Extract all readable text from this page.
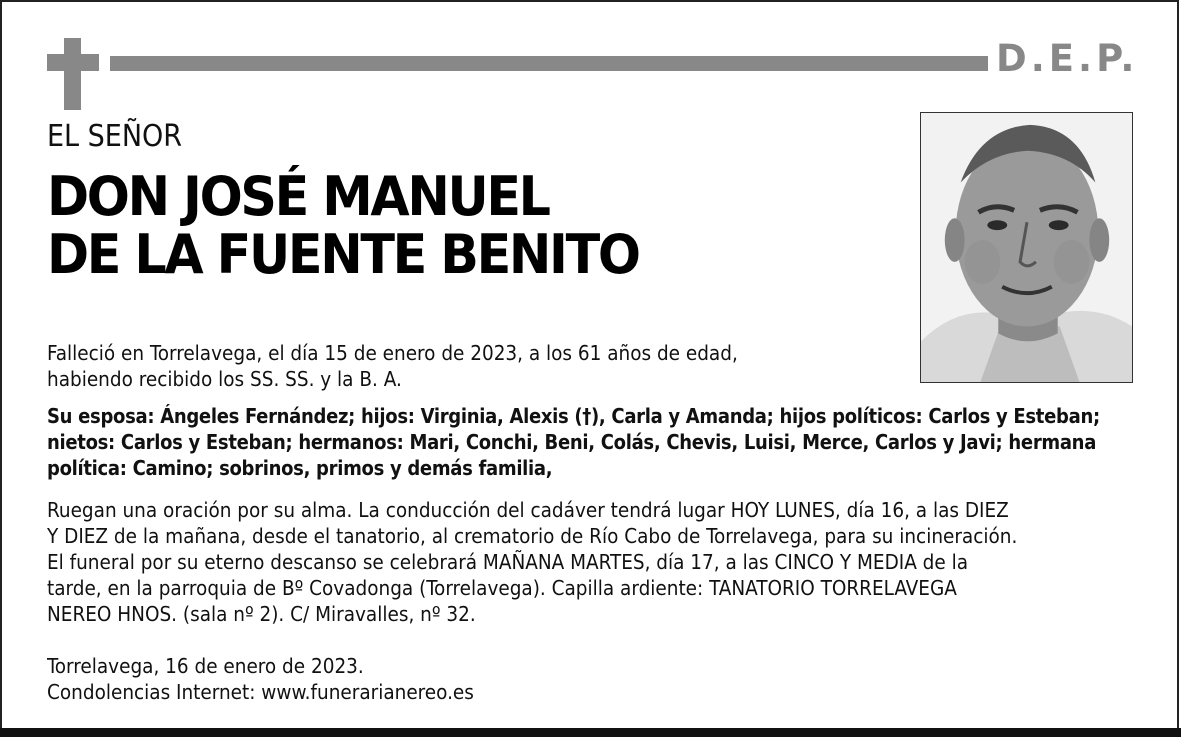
D.E.P.
EL SEÑOR
DON JOSÉ MANUEL
DE LA FUENTE BENITO
Falleció en Torrelavega, el día 15 de enero de 2023, a los 61 años de edad,
habiendo recibido los SS. SS. y la B. A.
Su esposa: Ángeles Fernández; hijos: Virginia, Alexis (†), Carla y Amanda; hijos políticos: Carlos y Esteban;
nietos: Carlos y Esteban; hermanos: Mari, Conchi, Beni, Colás, Chevis, Luisi, Merce, Carlos y Javi; hermana
política: Camino; sobrinos, primos y demás familia,
Ruegan una oración por su alma. La conducción del cadáver tendrá lugar HOY LUNES, día 16, a las DIEZ
Y DIEZ de la mañana, desde el tanatorio, al crematorio de Río Cabo de Torrelavega, para su incineración.
El funeral por su eterno descanso se celebrará MAÑANA MARTES, día 17, a las CINCO Y MEDIA de la
tarde, en la parroquia de Bº Covadonga (Torrelavega). Capilla ardiente: TANATORIO TORRELAVEGA
NEREO HNOS. (sala nº 2). C/ Miravalles, nº 32.
Torrelavega, 16 de enero de 2023.
Condolencias Internet: www.funerarianereo.es
